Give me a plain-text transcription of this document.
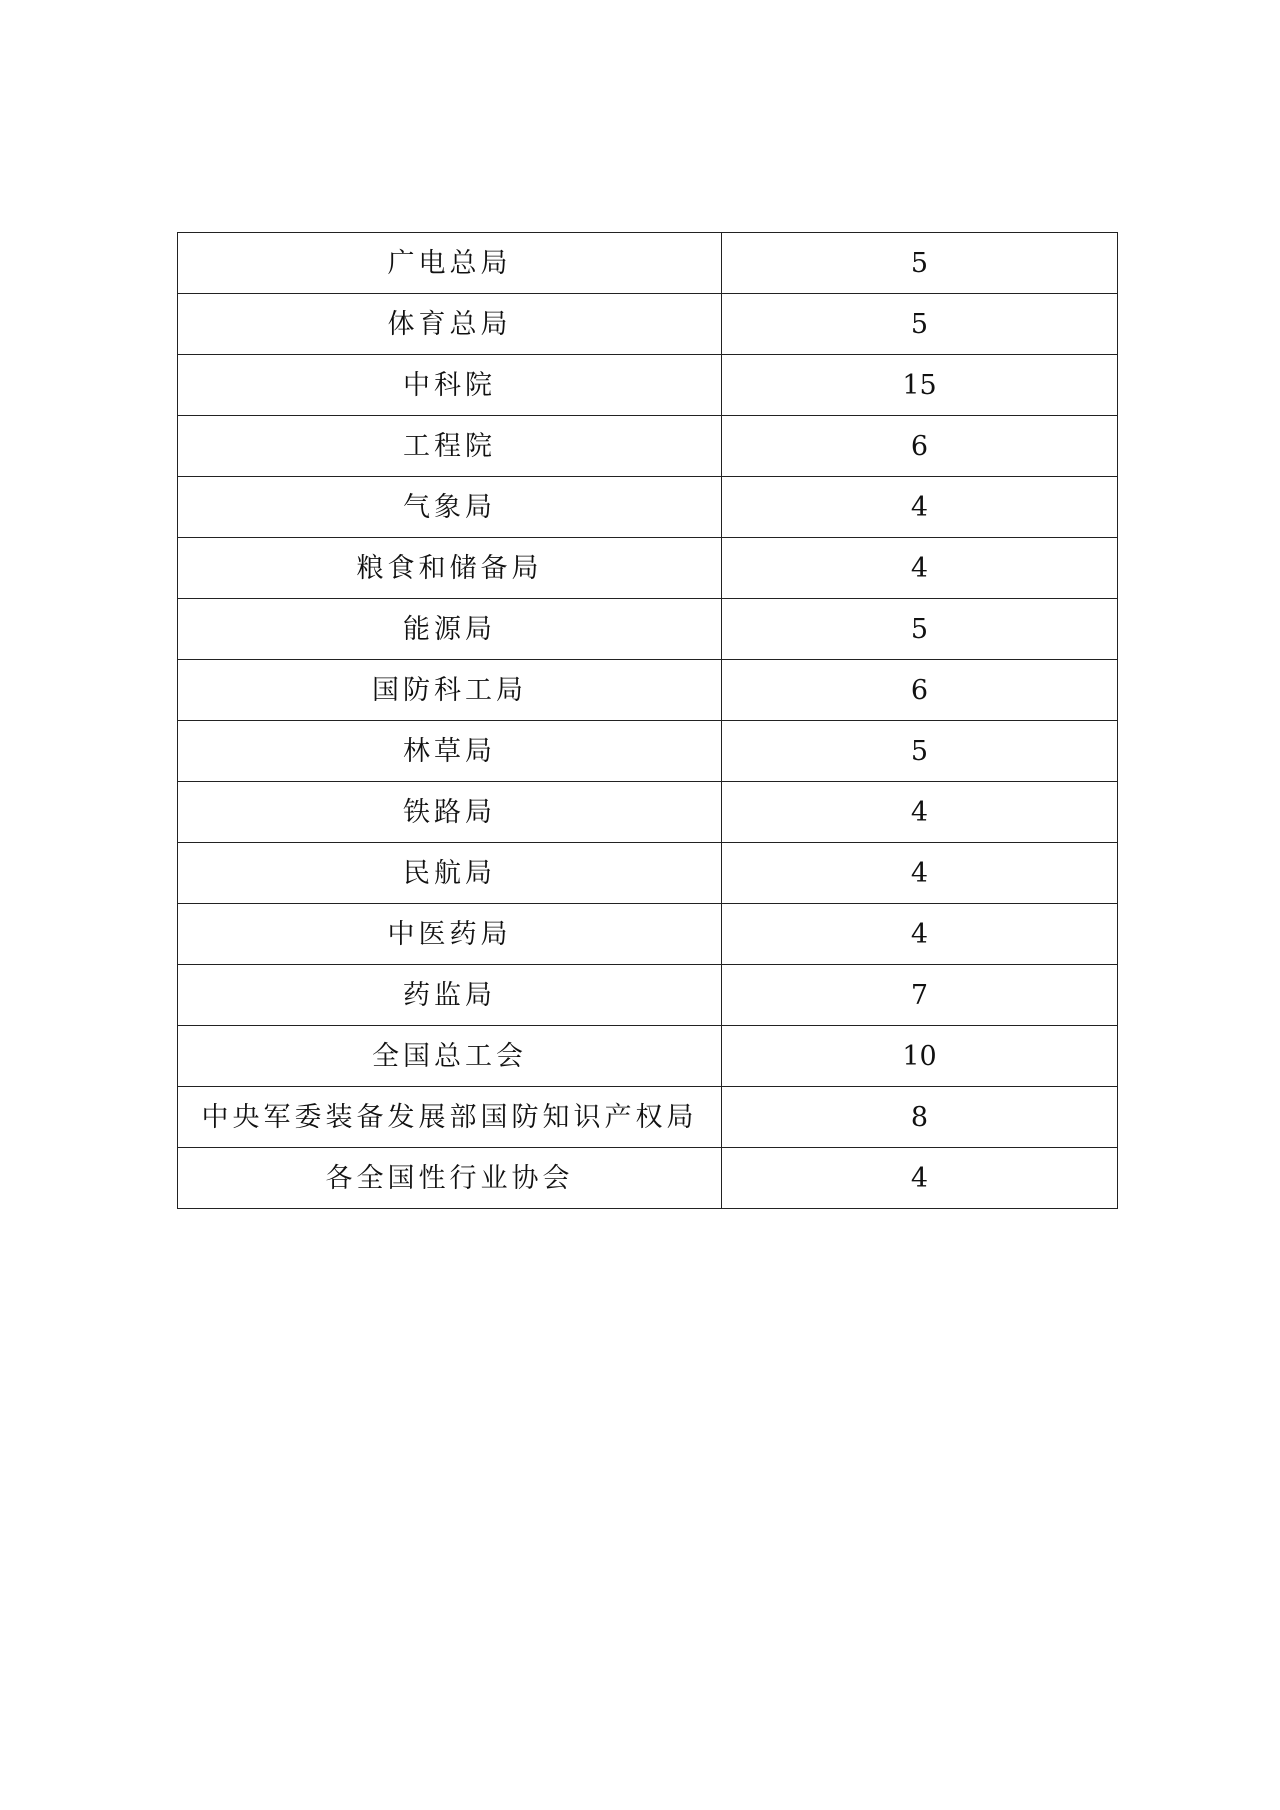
广电总局	5
体育总局	5
中科院	15
工程院	6
气象局	4
粮食和储备局	4
能源局	5
国防科工局	6
林草局	5
铁路局	4
民航局	4
中医药局	4
药监局	7
全国总工会	10
中央军委装备发展部国防知识产权局	8
各全国性行业协会	4
